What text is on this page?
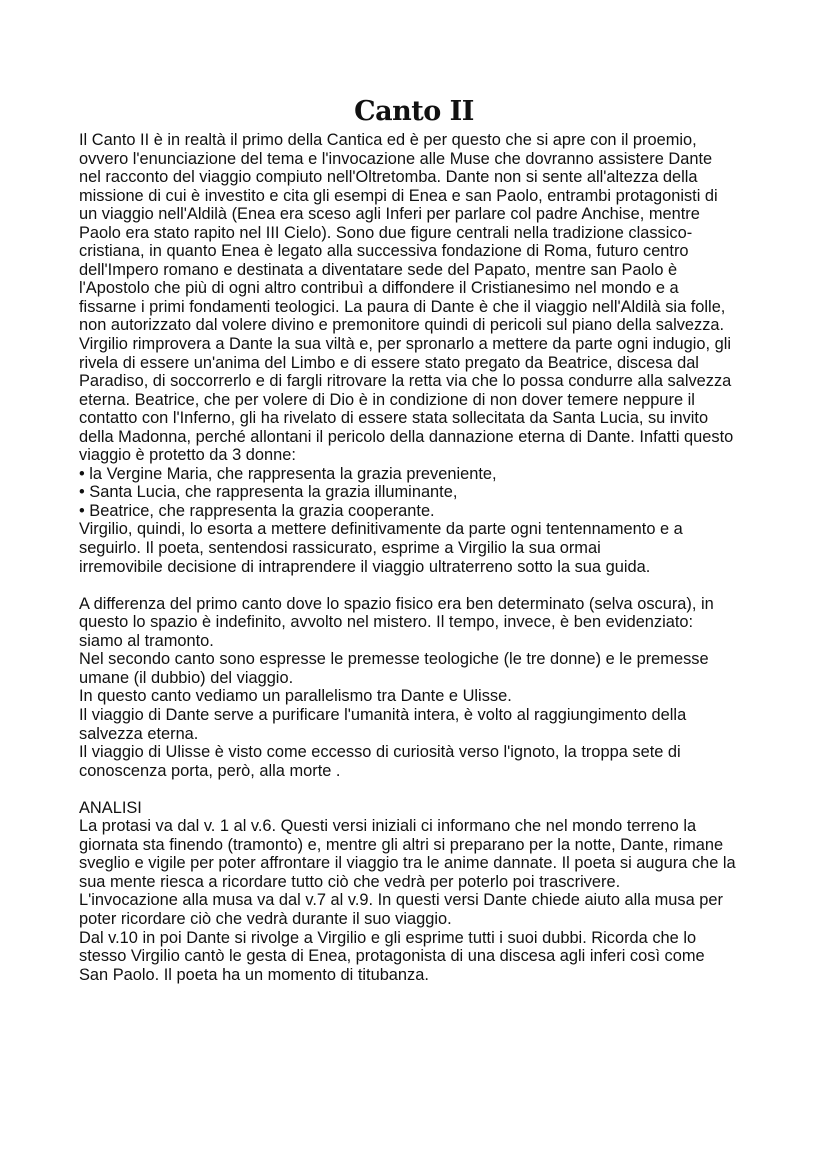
Canto II
Il Canto II è in realtà il primo della Cantica ed è per questo che si apre con il proemio,
ovvero l'enunciazione del tema e l'invocazione alle Muse che dovranno assistere Dante
nel racconto del viaggio compiuto nell'Oltretomba. Dante non si sente all'altezza della
missione di cui è investito e cita gli esempi di Enea e san Paolo, entrambi protagonisti di
un viaggio nell'Aldilà (Enea era sceso agli Inferi per parlare col padre Anchise, mentre
Paolo era stato rapito nel III Cielo). Sono due figure centrali nella tradizione classico-
cristiana, in quanto Enea è legato alla successiva fondazione di Roma, futuro centro
dell'Impero romano e destinata a diventatare sede del Papato, mentre san Paolo è
l'Apostolo che più di ogni altro contribuì a diffondere il Cristianesimo nel mondo e a
fissarne i primi fondamenti teologici. La paura di Dante è che il viaggio nell'Aldilà sia folle,
non autorizzato dal volere divino e premonitore quindi di pericoli sul piano della salvezza.
Virgilio rimprovera a Dante la sua viltà e, per spronarlo a mettere da parte ogni indugio, gli
rivela di essere un'anima del Limbo e di essere stato pregato da Beatrice, discesa dal
Paradiso, di soccorrerlo e di fargli ritrovare la retta via che lo possa condurre alla salvezza
eterna. Beatrice, che per volere di Dio è in condizione di non dover temere neppure il
contatto con l'Inferno, gli ha rivelato di essere stata sollecitata da Santa Lucia, su invito
della Madonna, perché allontani il pericolo della dannazione eterna di Dante. Infatti questo
viaggio è protetto da 3 donne:
• la Vergine Maria, che rappresenta la grazia preveniente,
• Santa Lucia, che rappresenta la grazia illuminante,
• Beatrice, che rappresenta la grazia cooperante.
Virgilio, quindi, lo esorta a mettere definitivamente da parte ogni tentennamento e a
seguirlo. Il poeta, sentendosi rassicurato, esprime a Virgilio la sua ormai
irremovibile decisione di intraprendere il viaggio ultraterreno sotto la sua guida.
A differenza del primo canto dove lo spazio fisico era ben determinato (selva oscura), in
questo lo spazio è indefinito, avvolto nel mistero. Il tempo, invece, è ben evidenziato:
siamo al tramonto.
Nel secondo canto sono espresse le premesse teologiche (le tre donne) e le premesse
umane (il dubbio) del viaggio.
In questo canto vediamo un parallelismo tra Dante e Ulisse.
Il viaggio di Dante serve a purificare l'umanità intera, è volto al raggiungimento della
salvezza eterna.
Il viaggio di Ulisse è visto come eccesso di curiosità verso l'ignoto, la troppa sete di
conoscenza porta, però, alla morte .
ANALISI
La protasi va dal v. 1 al v.6. Questi versi iniziali ci informano che nel mondo terreno la
giornata sta finendo (tramonto) e, mentre gli altri si preparano per la notte, Dante, rimane
sveglio e vigile per poter affrontare il viaggio tra le anime dannate. Il poeta si augura che la
sua mente riesca a ricordare tutto ciò che vedrà per poterlo poi trascrivere.
L'invocazione alla musa va dal v.7 al v.9. In questi versi Dante chiede aiuto alla musa per
poter ricordare ciò che vedrà durante il suo viaggio.
Dal v.10 in poi Dante si rivolge a Virgilio e gli esprime tutti i suoi dubbi. Ricorda che lo
stesso Virgilio cantò le gesta di Enea, protagonista di una discesa agli inferi così come
San Paolo. Il poeta ha un momento di titubanza.
